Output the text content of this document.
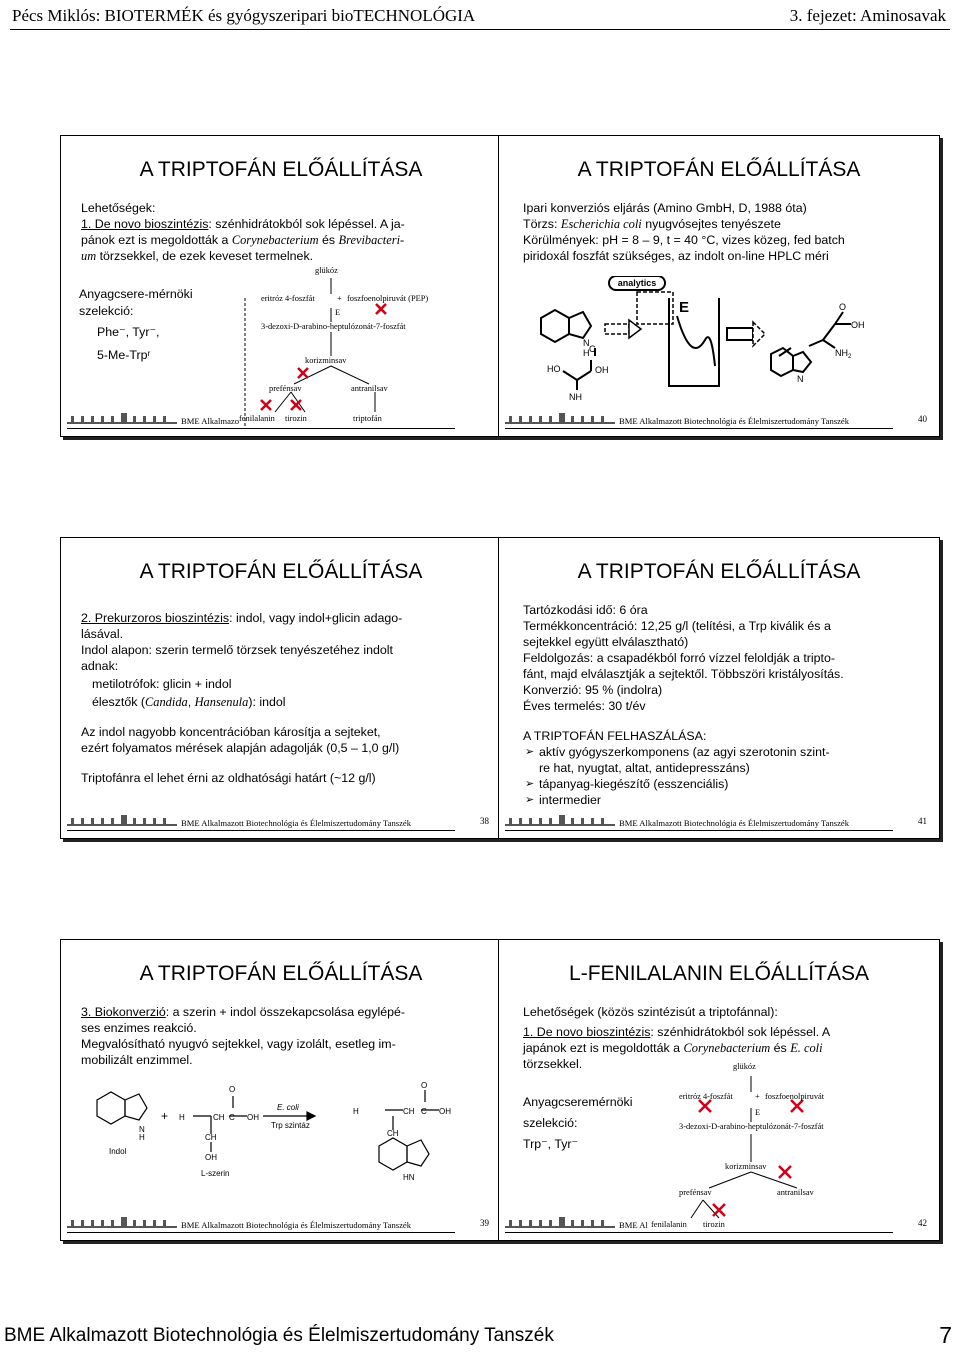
Pécs Miklós: BIOTERMÉK és gyógyszeripari bioTECHNOLÓGIA	3. fejezet: Aminosavak
A TRIPTOFÁN ELŐÁLLÍTÁSA

Lehetőségek:

1. De novo bioszintézis: szénhidrátokból sok lépéssel. A ja-

pánok ezt is megoldották a Corynebacterium és Brevibacteri-

um törzsekkel, de ezek keveset termelnek.

Anyagcsere-mérnöki
szelekció:
Phe⁻, Tyr⁻,
5-Me-Trpʳ
glükóz
eritróz 4-foszfát	+ foszfoenolpiruvát (PEP)
E
3-dezoxi-D-arabino-heptulózonát-7-foszfát
korizminsav
prefénsav	antranilsav
fenilalanin tirozin	triptofán
BME Alkalmazo
A TRIPTOFÁN ELŐÁLLÍTÁSA

Ipari konverziós eljárás (Amino GmbH, D, 1988 óta)

Törzs: Escherichia coli nyugvósejtes tenyészete

Körülmények: pH = 8 – 9, t = 40 °C, vizes közeg, fed batch

piridoxál foszfát szükséges, az indolt on-line HPLC méri

N
H C
HO	OH
NH
analytics
E
OH
O
$NH_2$
N
BME Alkalmazott Biotechnológia és Élelmiszertudomány Tanszék	40
A TRIPTOFÁN ELŐÁLLÍTÁSA

2. Prekurzoros bioszintézis: indol, vagy indol+glicin adago-

lásával.

Indol alapon: szerin termelő törzsek tenyészetéhez indolt

adnak:

metilotrófok: glicin + indol

élesztők (Candida, Hansenula): indol

Az indol nagyobb koncentrációban károsítja a sejteket,

ezért folyamatos mérések alapján adagolják (0,5 – 1,0 g/l)

Triptofánra el lehet érni az oldhatósági határt (~12 g/l)

BME Alkalmazott Biotechnológia és Élelmiszertudomány Tanszék	38
A TRIPTOFÁN ELŐÁLLÍTÁSA

Tartózkodási idő: 6 óra

Termékkoncentráció: 12,25 g/l (telítési, a Trp kiválik és a

sejtekkel együtt elválasztható)

Feldolgozás: a csapadékból forró vízzel feloldják a tripto-

fánt, majd elválasztják a sejtektől. Többszöri kristályosítás.

Konverzió: 95 % (indolra)

Éves termelés: 30 t/év

A TRIPTOFÁN FELHASZÁLÁSA:

➢ aktív gyógyszerkomponens (az agyi szerotonin szint-
re hat, nyugtat, altat, antidepresszáns)
➢ tápanyag-kiegészítő (esszenciális)
➢ intermedier
BME Alkalmazott Biotechnológia és Élelmiszertudomány Tanszék	41
A TRIPTOFÁN ELŐÁLLÍTÁSA

3. Biokonverzió: a szerin + indol összekapcsolása egylépé-

ses enzimes reakció.

Megvalósítható nyugvó sejtekkel, vagy izolált, esetleg im-

mobilizált enzimmel.

Indol
N
H
+ H	CH C OH
O
CH
OH
L-szerin
E. coli
Trp szintáz
H	CH C OH
O
CH
HN
BME Alkalmazott Biotechnológia és Élelmiszertudomány Tanszék	39
L-FENILALANIN ELŐÁLLÍTÁSA

Lehetőségek (közös szintézisút a triptofánnal):

1. De novo bioszintézis: szénhidrátokból sok lépéssel. A

japánok ezt is megoldották a Corynebacterium és E. coli

törzsekkel.

Anyagcseremérnöki
szelekció:
Trp⁻, Tyr⁻
glükóz
eritróz 4-foszfát	+ foszfoenolpiruvát
E
3-dezoxi-D-arabino-heptulózonát-7-foszfát
korizminsav
prefénsav	antranilsav
fenilalanin tirozin
BME Al	42
BME Alkalmazott Biotechnológia és Élelmiszertudomány Tanszék	7
